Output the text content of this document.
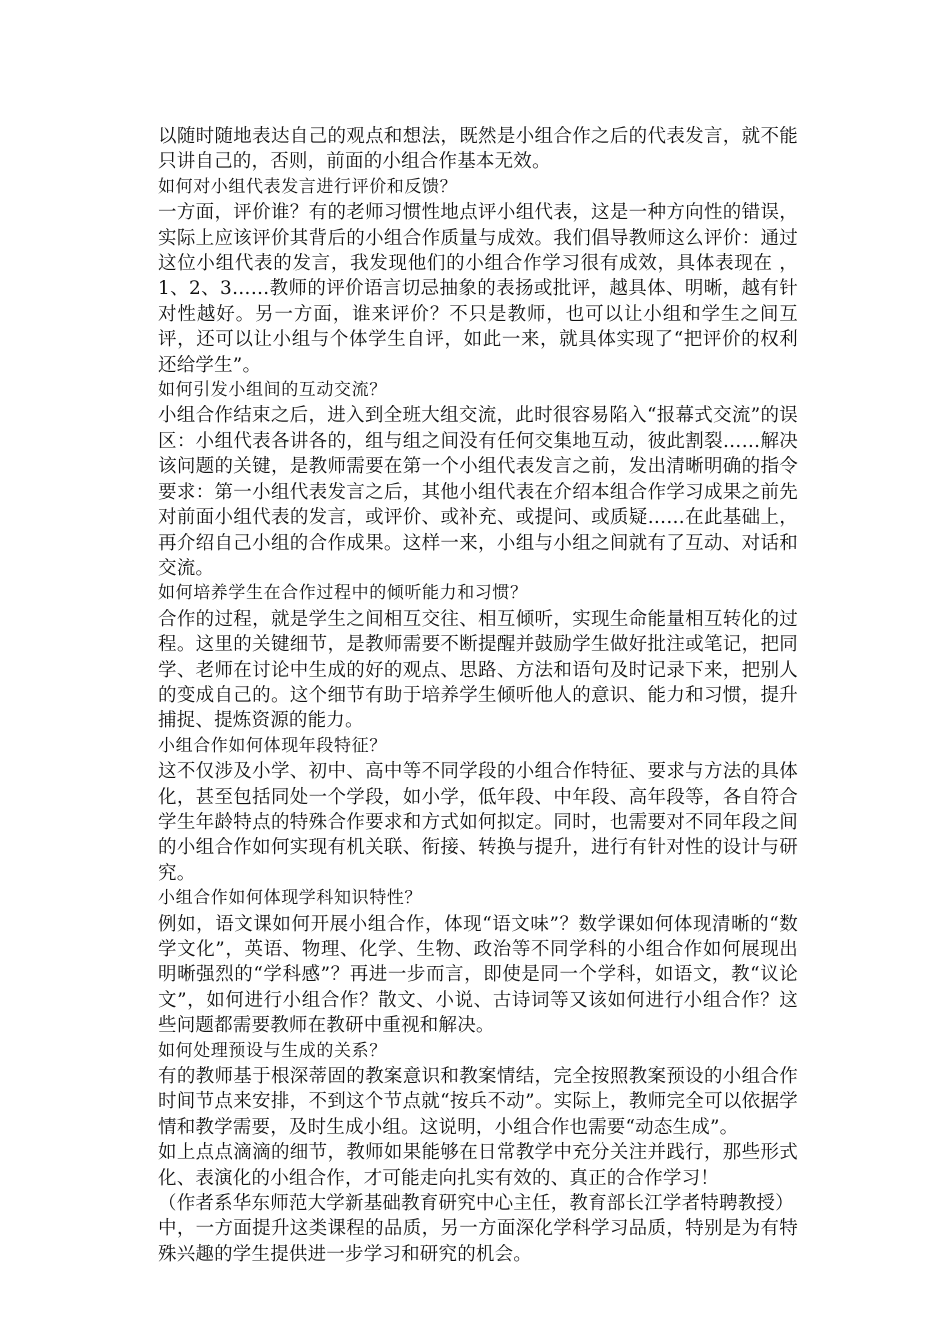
以随时随地表达自己的观点和想法，既然是小组合作之后的代表发言，就不能只讲自己的，否则，前面的小组合作基本无效。

如何对小组代表发言进行评价和反馈？

一方面，评价谁？有的老师习惯性地点评小组代表，这是一种方向性的错误，实际上应该评价其背后的小组合作质量与成效。我们倡导教师这么评价：通过这位小组代表的发言，我发现他们的小组合作学习很有成效，具体表现在 ，1、2、3……教师的评价语言切忌抽象的表扬或批评，越具体、明晰，越有针对性越好。另一方面，谁来评价？不只是教师，也可以让小组和学生之间互评，还可以让小组与个体学生自评，如此一来，就具体实现了“把评价的权利还给学生”。

如何引发小组间的互动交流？

小组合作结束之后，进入到全班大组交流，此时很容易陷入“报幕式交流”的误区：小组代表各讲各的，组与组之间没有任何交集地互动，彼此割裂……解决该问题的关键，是教师需要在第一个小组代表发言之前，发出清晰明确的指令要求：第一小组代表发言之后，其他小组代表在介绍本组合作学习成果之前先对前面小组代表的发言，或评价、或补充、或提问、或质疑……在此基础上，再介绍自己小组的合作成果。这样一来，小组与小组之间就有了互动、对话和交流。

如何培养学生在合作过程中的倾听能力和习惯？

合作的过程，就是学生之间相互交往、相互倾听，实现生命能量相互转化的过程。这里的关键细节，是教师需要不断提醒并鼓励学生做好批注或笔记，把同学、老师在讨论中生成的好的观点、思路、方法和语句及时记录下来，把别人的变成自己的。这个细节有助于培养学生倾听他人的意识、能力和习惯，提升捕捉、提炼资源的能力。

小组合作如何体现年段特征？

这不仅涉及小学、初中、高中等不同学段的小组合作特征、要求与方法的具体化，甚至包括同处一个学段，如小学，低年段、中年段、高年段等，各自符合学生年龄特点的特殊合作要求和方式如何拟定。同时，也需要对不同年段之间的小组合作如何实现有机关联、衔接、转换与提升，进行有针对性的设计与研究。

小组合作如何体现学科知识特性？

例如，语文课如何开展小组合作，体现“语文味”？数学课如何体现清晰的“数学文化”，英语、物理、化学、生物、政治等不同学科的小组合作如何展现出明晰强烈的“学科感”？再进一步而言，即使是同一个学科，如语文，教“议论文”，如何进行小组合作？散文、小说、古诗词等又该如何进行小组合作？这些问题都需要教师在教研中重视和解决。

如何处理预设与生成的关系？

有的教师基于根深蒂固的教案意识和教案情结，完全按照教案预设的小组合作时间节点来安排，不到这个节点就“按兵不动”。实际上，教师完全可以依据学情和教学需要，及时生成小组。这说明，小组合作也需要“动态生成”。

如上点点滴滴的细节，教师如果能够在日常教学中充分关注并践行，那些形式化、表演化的小组合作，才可能走向扎实有效的、真正的合作学习！

（作者系华东师范大学新基础教育研究中心主任，教育部长江学者特聘教授）

中，一方面提升这类课程的品质，另一方面深化学科学习品质，特别是为有特殊兴趣的学生提供进一步学习和研究的机会。
